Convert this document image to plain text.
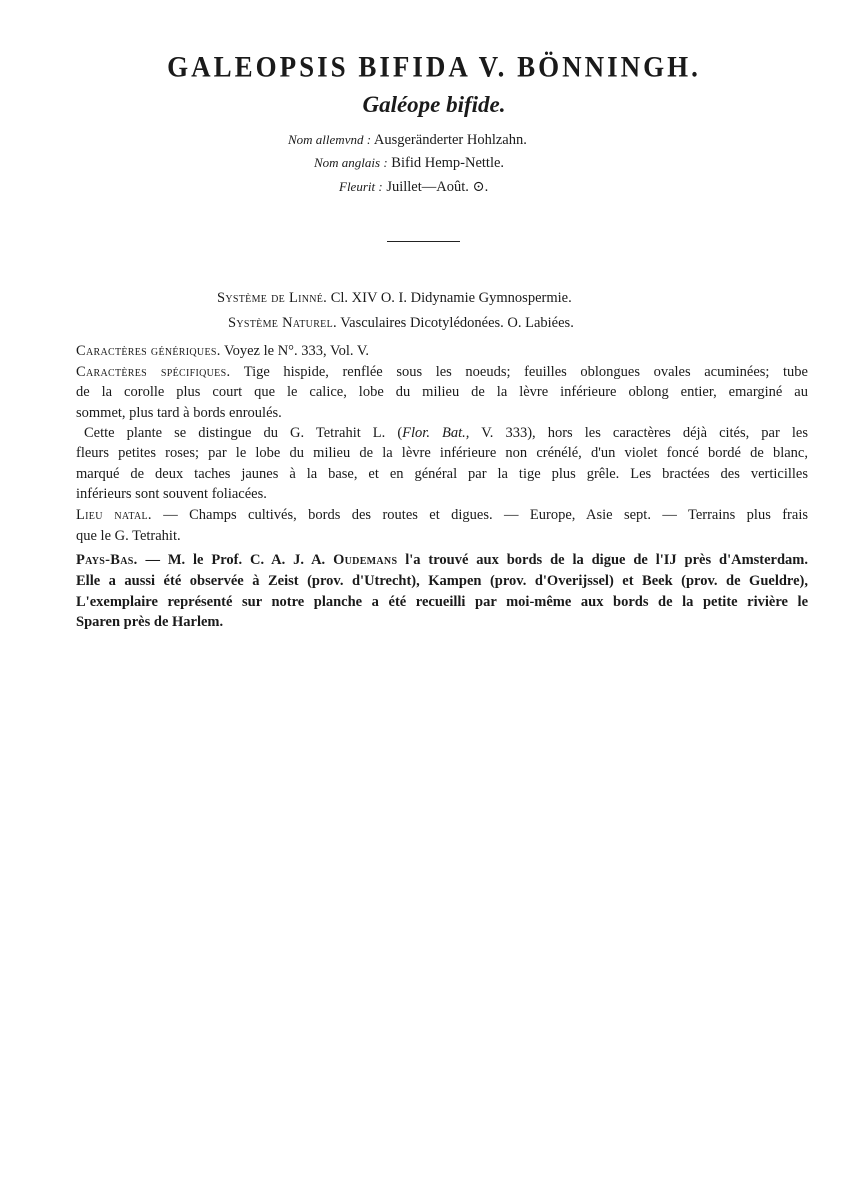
GALEOPSIS BIFIDA V. BÖNNINGH.
Galéope bifide.
Nom allemvnd : Ausgeränderter Hohlzahn.
Nom anglais : Bifid Hemp-Nettle.
Fleurit : Juillet—Août. ⊙.
Système de Linné. Cl. XIV O. I. Didynamie Gymnospermie.
Système Naturel. Vasculaires Dicotylédonées. O. Labiées.
Caractères génériques. Voyez le N°. 333, Vol. V.
Caractères spécifiques. Tige hispide, renflée sous les noeuds; feuilles oblongues ovales acuminées; tube
de la corolle plus court que le calice, lobe du milieu de la lèvre inférieure oblong entier, emarginé au
sommet, plus tard à bords enroulés.
Cette plante se distingue du G. Tetrahit L. (Flor. Bat., V. 333), hors les caractères déjà cités, par les
fleurs petites roses; par le lobe du milieu de la lèvre inférieure non crénélé, d'un violet foncé bordé de blanc,
marqué de deux taches jaunes à la base, et en général par la tige plus grêle. Les bractées des verticilles
inférieurs sont souvent foliacées.
Lieu natal. — Champs cultivés, bords des routes et digues. — Europe, Asie sept. — Terrains plus frais
que le G. Tetrahit.
Pays-Bas. — M. le Prof. C. A. J. A. Oudemans l'a trouvé aux bords de la digue de l'IJ près d'Amsterdam.
Elle a aussi été observée à Zeist (prov. d'Utrecht), Kampen (prov. d'Overijssel) et Beek (prov. de Gueldre),
L'exemplaire représenté sur notre planche a été recueilli par moi-même aux bords de la petite rivière le
Sparen près de Harlem.
